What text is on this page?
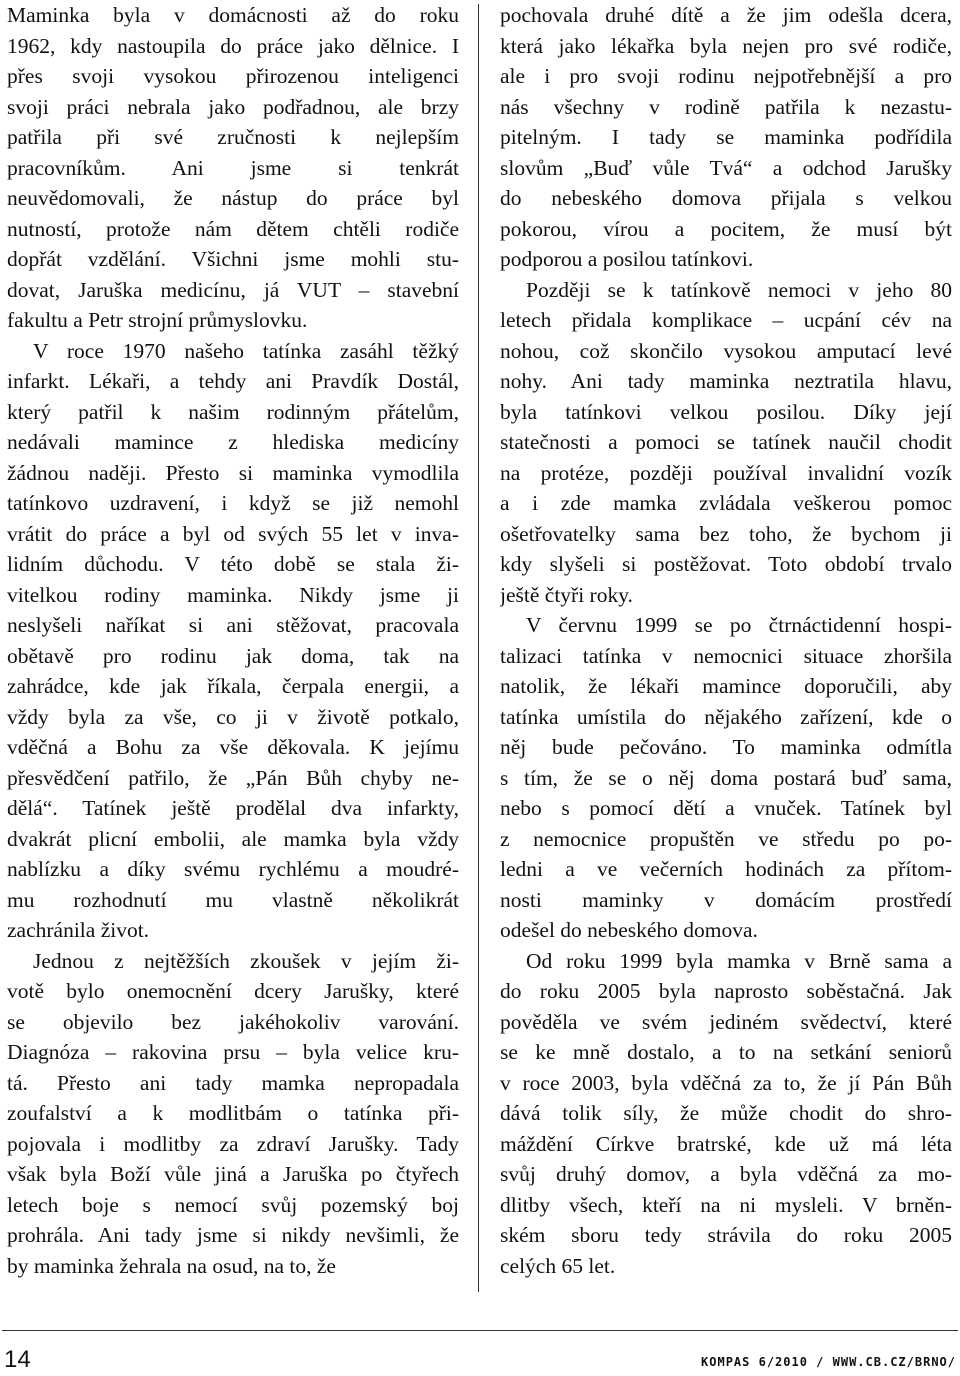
Maminka byla v domácnosti až do roku
1962, kdy nastoupila do práce jako dělnice. I
přes svoji vysokou přirozenou inteligenci
svoji práci nebrala jako podřadnou, ale brzy
patřila při své zručnosti k nejlepším
pracovníkům. Ani jsme si tenkrát
neuvědomovali, že nástup do práce byl
nutností, protože nám dětem chtěli rodiče
dopřát vzdělání. Všichni jsme mohli stu-
dovat, Jaruška medicínu, já VUT – stavební
fakultu a Petr strojní průmyslovku.
V roce 1970 našeho tatínka zasáhl těžký
infarkt. Lékaři, a tehdy ani Pravdík Dostál,
který patřil k našim rodinným přátelům,
nedávali mamince z hlediska medicíny
žádnou naději. Přesto si maminka vymodlila
tatínkovo uzdravení, i když se již nemohl
vrátit do práce a byl od svých 55 let v inva-
lidním důchodu. V této době se stala ži-
vitelkou rodiny maminka. Nikdy jsme ji
neslyšeli naříkat si ani stěžovat, pracovala
obětavě pro rodinu jak doma, tak na
zahrádce, kde jak říkala, čerpala energii, a
vždy byla za vše, co ji v životě potkalo,
vděčná a Bohu za vše děkovala. K jejímu
přesvědčení patřilo, že „Pán Bůh chyby ne-
dělá“. Tatínek ještě prodělal dva infarkty,
dvakrát plicní embolii, ale mamka byla vždy
nablízku a díky svému rychlému a moudré-
mu rozhodnutí mu vlastně několikrát
zachránila život.
Jednou z nejtěžších zkoušek v jejím ži-
votě bylo onemocnění dcery Jarušky, které
se objevilo bez jakéhokoliv varování.
Diagnóza – rakovina prsu – byla velice kru-
tá. Přesto ani tady mamka nepropadala
zoufalství a k modlitbám o tatínka při-
pojovala i modlitby za zdraví Jarušky. Tady
však byla Boží vůle jiná a Jaruška po čtyřech
letech boje s nemocí svůj pozemský boj
prohrála. Ani tady jsme si nikdy nevšimli, že
by maminka žehrala na osud, na to, že
pochovala druhé dítě a že jim odešla dcera,
která jako lékařka byla nejen pro své rodiče,
ale i pro svoji rodinu nejpotřebnější a pro
nás všechny v rodině patřila k nezastu-
pitelným. I tady se maminka podřídila
slovům „Buď vůle Tvá“ a odchod Jarušky
do nebeského domova přijala s velkou
pokorou, vírou a pocitem, že musí být
podporou a posilou tatínkovi.
Později se k tatínkově nemoci v jeho 80
letech přidala komplikace – ucpání cév na
nohou, což skončilo vysokou amputací levé
nohy. Ani tady maminka neztratila hlavu,
byla tatínkovi velkou posilou. Díky její
statečnosti a pomoci se tatínek naučil chodit
na protéze, později používal invalidní vozík
a i zde mamka zvládala veškerou pomoc
ošetřovatelky sama bez toho, že bychom ji
kdy slyšeli si postěžovat. Toto období trvalo
ještě čtyři roky.
V červnu 1999 se po čtrnáctidenní hospi-
talizaci tatínka v nemocnici situace zhoršila
natolik, že lékaři mamince doporučili, aby
tatínka umístila do nějakého zařízení, kde o
něj bude pečováno. To maminka odmítla
s tím, že se o něj doma postará buď sama,
nebo s pomocí dětí a vnuček. Tatínek byl
z nemocnice propuštěn ve středu po po-
ledni a ve večerních hodinách za přítom-
nosti maminky v domácím prostředí
odešel do nebeského domova.
Od roku 1999 byla mamka v Brně sama a
do roku 2005 byla naprosto soběstačná. Jak
pověděla ve svém jediném svědectví, které
se ke mně dostalo, a to na setkání seniorů
v roce 2003, byla vděčná za to, že jí Pán Bůh
dává tolik síly, že může chodit do shro-
máždění Církve bratrské, kde už má léta
svůj druhý domov, a byla vděčná za mo-
dlitby všech, kteří na ni mysleli. V brněn-
ském sboru tedy strávila do roku 2005
celých 65 let.
14	KOMPAS 6/2010 / WWW.CB.CZ/BRNO/
